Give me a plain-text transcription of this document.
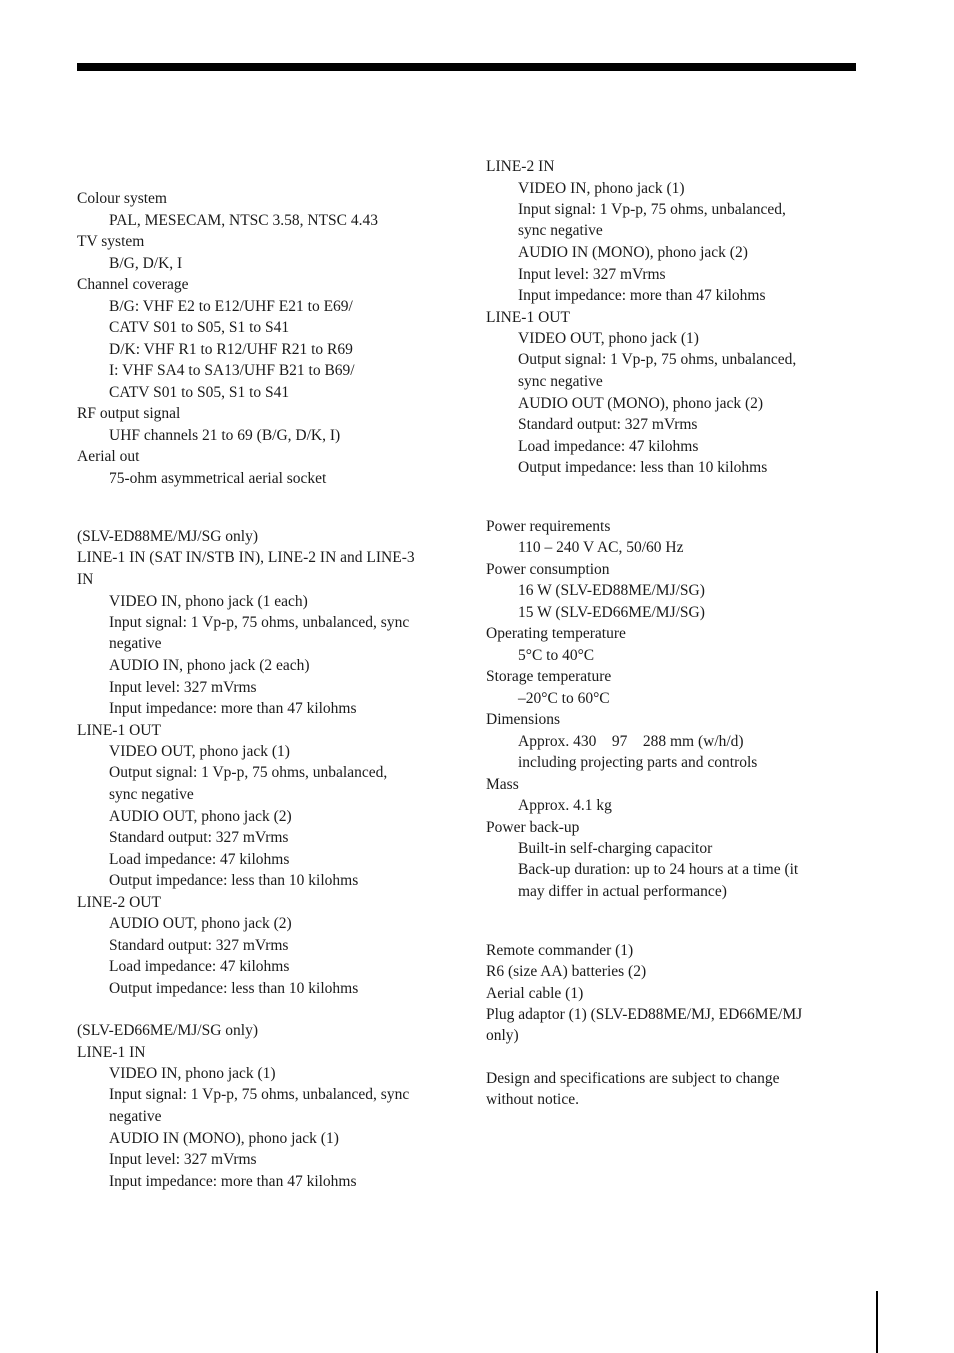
Colour system
PAL, MESECAM, NTSC 3.58, NTSC 4.43
TV system
B/G, D/K, I
Channel coverage
B/G: VHF E2 to E12/UHF E21 to E69/
CATV S01 to S05, S1 to S41
D/K: VHF R1 to R12/UHF R21 to R69
I: VHF SA4 to SA13/UHF B21 to B69/
CATV S01 to S05, S1 to S41
RF output signal
UHF channels 21 to 69 (B/G, D/K, I)
Aerial out
75-ohm asymmetrical aerial socket
(SLV-ED88ME/MJ/SG only)
LINE-1 IN (SAT IN/STB IN), LINE-2 IN and LINE-3
IN
VIDEO IN, phono jack (1 each)
Input signal: 1 Vp-p, 75 ohms, unbalanced, sync
negative
AUDIO IN, phono jack (2 each)
Input level: 327 mVrms
Input impedance: more than 47 kilohms
LINE-1 OUT
VIDEO OUT, phono jack (1)
Output signal: 1 Vp-p, 75 ohms, unbalanced,
sync negative
AUDIO OUT, phono jack (2)
Standard output: 327 mVrms
Load impedance: 47 kilohms
Output impedance: less than 10 kilohms
LINE-2 OUT
AUDIO OUT, phono jack (2)
Standard output: 327 mVrms
Load impedance: 47 kilohms
Output impedance: less than 10 kilohms
(SLV-ED66ME/MJ/SG only)
LINE-1 IN
VIDEO IN, phono jack (1)
Input signal: 1 Vp-p, 75 ohms, unbalanced, sync
negative
AUDIO IN (MONO), phono jack (1)
Input level: 327 mVrms
Input impedance: more than 47 kilohms
LINE-2 IN
VIDEO IN, phono jack (1)
Input signal: 1 Vp-p, 75 ohms, unbalanced,
sync negative
AUDIO IN (MONO), phono jack (2)
Input level: 327 mVrms
Input impedance: more than 47 kilohms
LINE-1 OUT
VIDEO OUT, phono jack (1)
Output signal: 1 Vp-p, 75 ohms, unbalanced,
sync negative
AUDIO OUT (MONO), phono jack (2)
Standard output: 327 mVrms
Load impedance: 47 kilohms
Output impedance: less than 10 kilohms
Power requirements
110 – 240 V AC, 50/60 Hz
Power consumption
16 W (SLV-ED88ME/MJ/SG)
15 W (SLV-ED66ME/MJ/SG)
Operating temperature
5°C to 40°C
Storage temperature
–20°C to 60°C
Dimensions
Approx. 430    97    288 mm (w/h/d)
including projecting parts and controls
Mass
Approx. 4.1 kg
Power back-up
Built-in self-charging capacitor
Back-up duration: up to 24 hours at a time (it
may differ in actual performance)
Remote commander (1)
R6 (size AA) batteries (2)
Aerial cable (1)
Plug adaptor (1) (SLV-ED88ME/MJ, ED66ME/MJ
only)
Design and specifications are subject to change
without notice.
